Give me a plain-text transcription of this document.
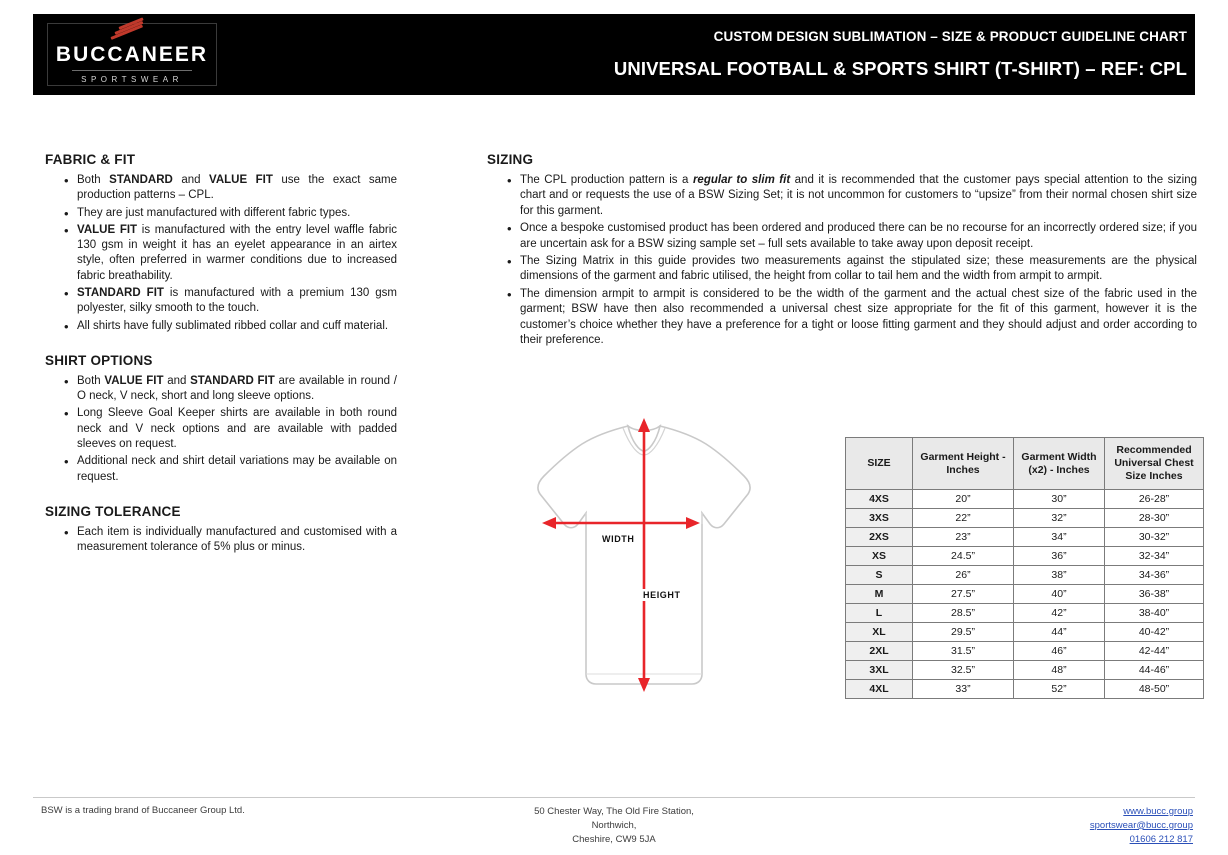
BUCCANEER
SPORTSWEAR
CUSTOM DESIGN SUBLIMATION – SIZE & PRODUCT GUIDELINE CHART
UNIVERSAL FOOTBALL & SPORTS SHIRT (T-SHIRT) – REF: CPL
FABRIC & FIT
• Both STANDARD and VALUE FIT use the exact same production patterns – CPL.
• They are just manufactured with different fabric types.
• VALUE FIT is manufactured with the entry level waffle fabric 130 gsm in weight it has an eyelet appearance in an airtex style, often preferred in warmer conditions due to increased fabric breathability.
• STANDARD FIT is manufactured with a premium 130 gsm polyester, silky smooth to the touch.
• All shirts have fully sublimated ribbed collar and cuff material.
SHIRT OPTIONS
• Both VALUE FIT and STANDARD FIT are available in round / O neck, V neck, short and long sleeve options.
• Long Sleeve Goal Keeper shirts are available in both round neck and V neck options and are available with padded sleeves on request.
• Additional neck and shirt detail variations may be available on request.
SIZING TOLERANCE
• Each item is individually manufactured and customised with a measurement tolerance of 5% plus or minus.
SIZING
• The CPL production pattern is a regular to slim fit and it is recommended that the customer pays special attention to the sizing chart and or requests the use of a BSW Sizing Set; it is not uncommon for customers to “upsize” from their normal chosen shirt size for this garment.
• Once a bespoke customised product has been ordered and produced there can be no recourse for an incorrectly ordered size; if you are uncertain ask for a BSW sizing sample set – full sets available to take away upon deposit receipt.
• The Sizing Matrix in this guide provides two measurements against the stipulated size; these measurements are the physical dimensions of the garment and fabric utilised, the height from collar to tail hem and the width from armpit to armpit.
• The dimension armpit to armpit is considered to be the width of the garment and the actual chest size of the fabric used in the garment; BSW have then also recommended a universal chest size appropriate for the fit of this garment, however it is the customer’s choice whether they have a preference for a tight or loose fitting garment and they should adjust and order according to their preference.
WIDTH
HEIGHT
SIZE	Garment Height - Inches	Garment Width (x2) - Inches	Recommended Universal Chest Size Inches
4XS	20”	30”	26-28”
3XS	22”	32”	28-30”
2XS	23”	34”	30-32”
XS	24.5”	36”	32-34”
S	26”	38”	34-36”
M	27.5”	40”	36-38”
L	28.5”	42”	38-40”
XL	29.5”	44”	40-42”
2XL	31.5”	46”	42-44”
3XL	32.5”	48”	44-46”
4XL	33”	52”	48-50”
BSW is a trading brand of Buccaneer Group Ltd.	50 Chester Way, The Old Fire Station,
Northwich,
Cheshire, CW9 5JA
www.bucc.group
sportswear@bucc.group
01606 212 817
